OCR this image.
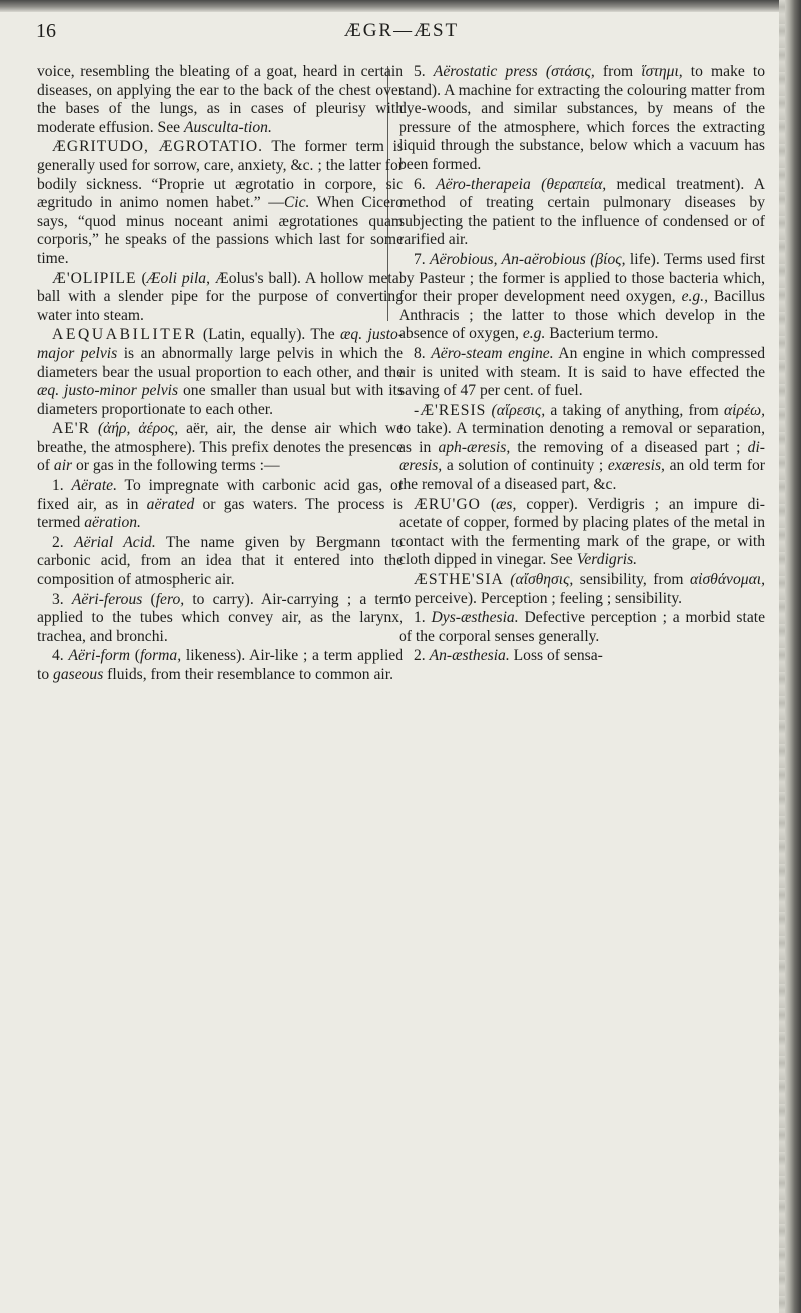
16	ÆGR—ÆST

voice, resembling the bleating of a goat, heard in certain diseases, on applying the ear to the back of the chest over the bases of the lungs, as in cases of pleurisy with moderate effusion. See Ausculta-tion.

ÆGRITUDO, ÆGROTATIO. The former term is generally used for sorrow, care, anxiety, &c. ; the latter for bodily sickness. “Proprie ut ægrotatio in corpore, sic ægritudo in animo nomen habet.” —Cic. When Cicero says, “quod minus noceant animi ægrotationes quam corporis,” he speaks of the passions which last for some time.

Æ'OLIPILE (Æoli pila, Æolus's ball). A hollow metal ball with a slender pipe for the purpose of converting water into steam.

AEQUABILITER (Latin, equally). The æq. justo-major pelvis is an abnormally large pelvis in which the diameters bear the usual proportion to each other, and the æq. justo-minor pelvis one smaller than usual but with its diameters proportionate to each other.

AE'R (ἀήρ, ἀέρος, aër, air, the dense air which we breathe, the atmosphere). This prefix denotes the presence of air or gas in the following terms :—

1. Aërate. To impregnate with carbonic acid gas, or fixed air, as in aërated or gas waters. The process is termed aëration.

2. Aërial Acid. The name given by Bergmann to carbonic acid, from an idea that it entered into the composition of atmospheric air.

3. Aëri-ferous (fero, to carry). Air-carrying ; a term applied to the tubes which convey air, as the larynx, trachea, and bronchi.

4. Aëri-form (forma, likeness). Air-like ; a term applied to gaseous fluids, from their resemblance to common air.

5. Aërostatic press (στάσις, from ἵστημι, to make to stand). A machine for extracting the colouring matter from dye-woods, and similar substances, by means of the pressure of the atmosphere, which forces the extracting liquid through the substance, below which a vacuum has been formed.

6. Aëro-therapeia (θεραπεία, medical treatment). A method of treating certain pulmonary diseases by subjecting the patient to the influence of condensed or of rarified air.

7. Aërobious, An-aërobious (βίος, life). Terms used first by Pasteur ; the former is applied to those bacteria which, for their proper development need oxygen, e.g., Bacillus Anthracis ; the latter to those which develop in the absence of oxygen, e.g. Bacterium termo.

8. Aëro-steam engine. An engine in which compressed air is united with steam. It is said to have effected the saving of 47 per cent. of fuel.

-Æ'RESIS (αἵρεσις, a taking of anything, from αἱρέω, to take). A termination denoting a removal or separation, as in aph-æresis, the removing of a diseased part ; di-æresis, a solution of continuity ; exæresis, an old term for the removal of a diseased part, &c.

ÆRU'GO (æs, copper). Verdigris ; an impure di-acetate of copper, formed by placing plates of the metal in contact with the fermenting mark of the grape, or with cloth dipped in vinegar. See Verdigris.

ÆSTHE'SIA (αἴσθησις, sensibility, from αἰσθάνομαι, to perceive). Perception ; feeling ; sensibility.

1. Dys-æsthesia. Defective perception ; a morbid state of the corporal senses generally.

2. An-æsthesia. Loss of sensa-
